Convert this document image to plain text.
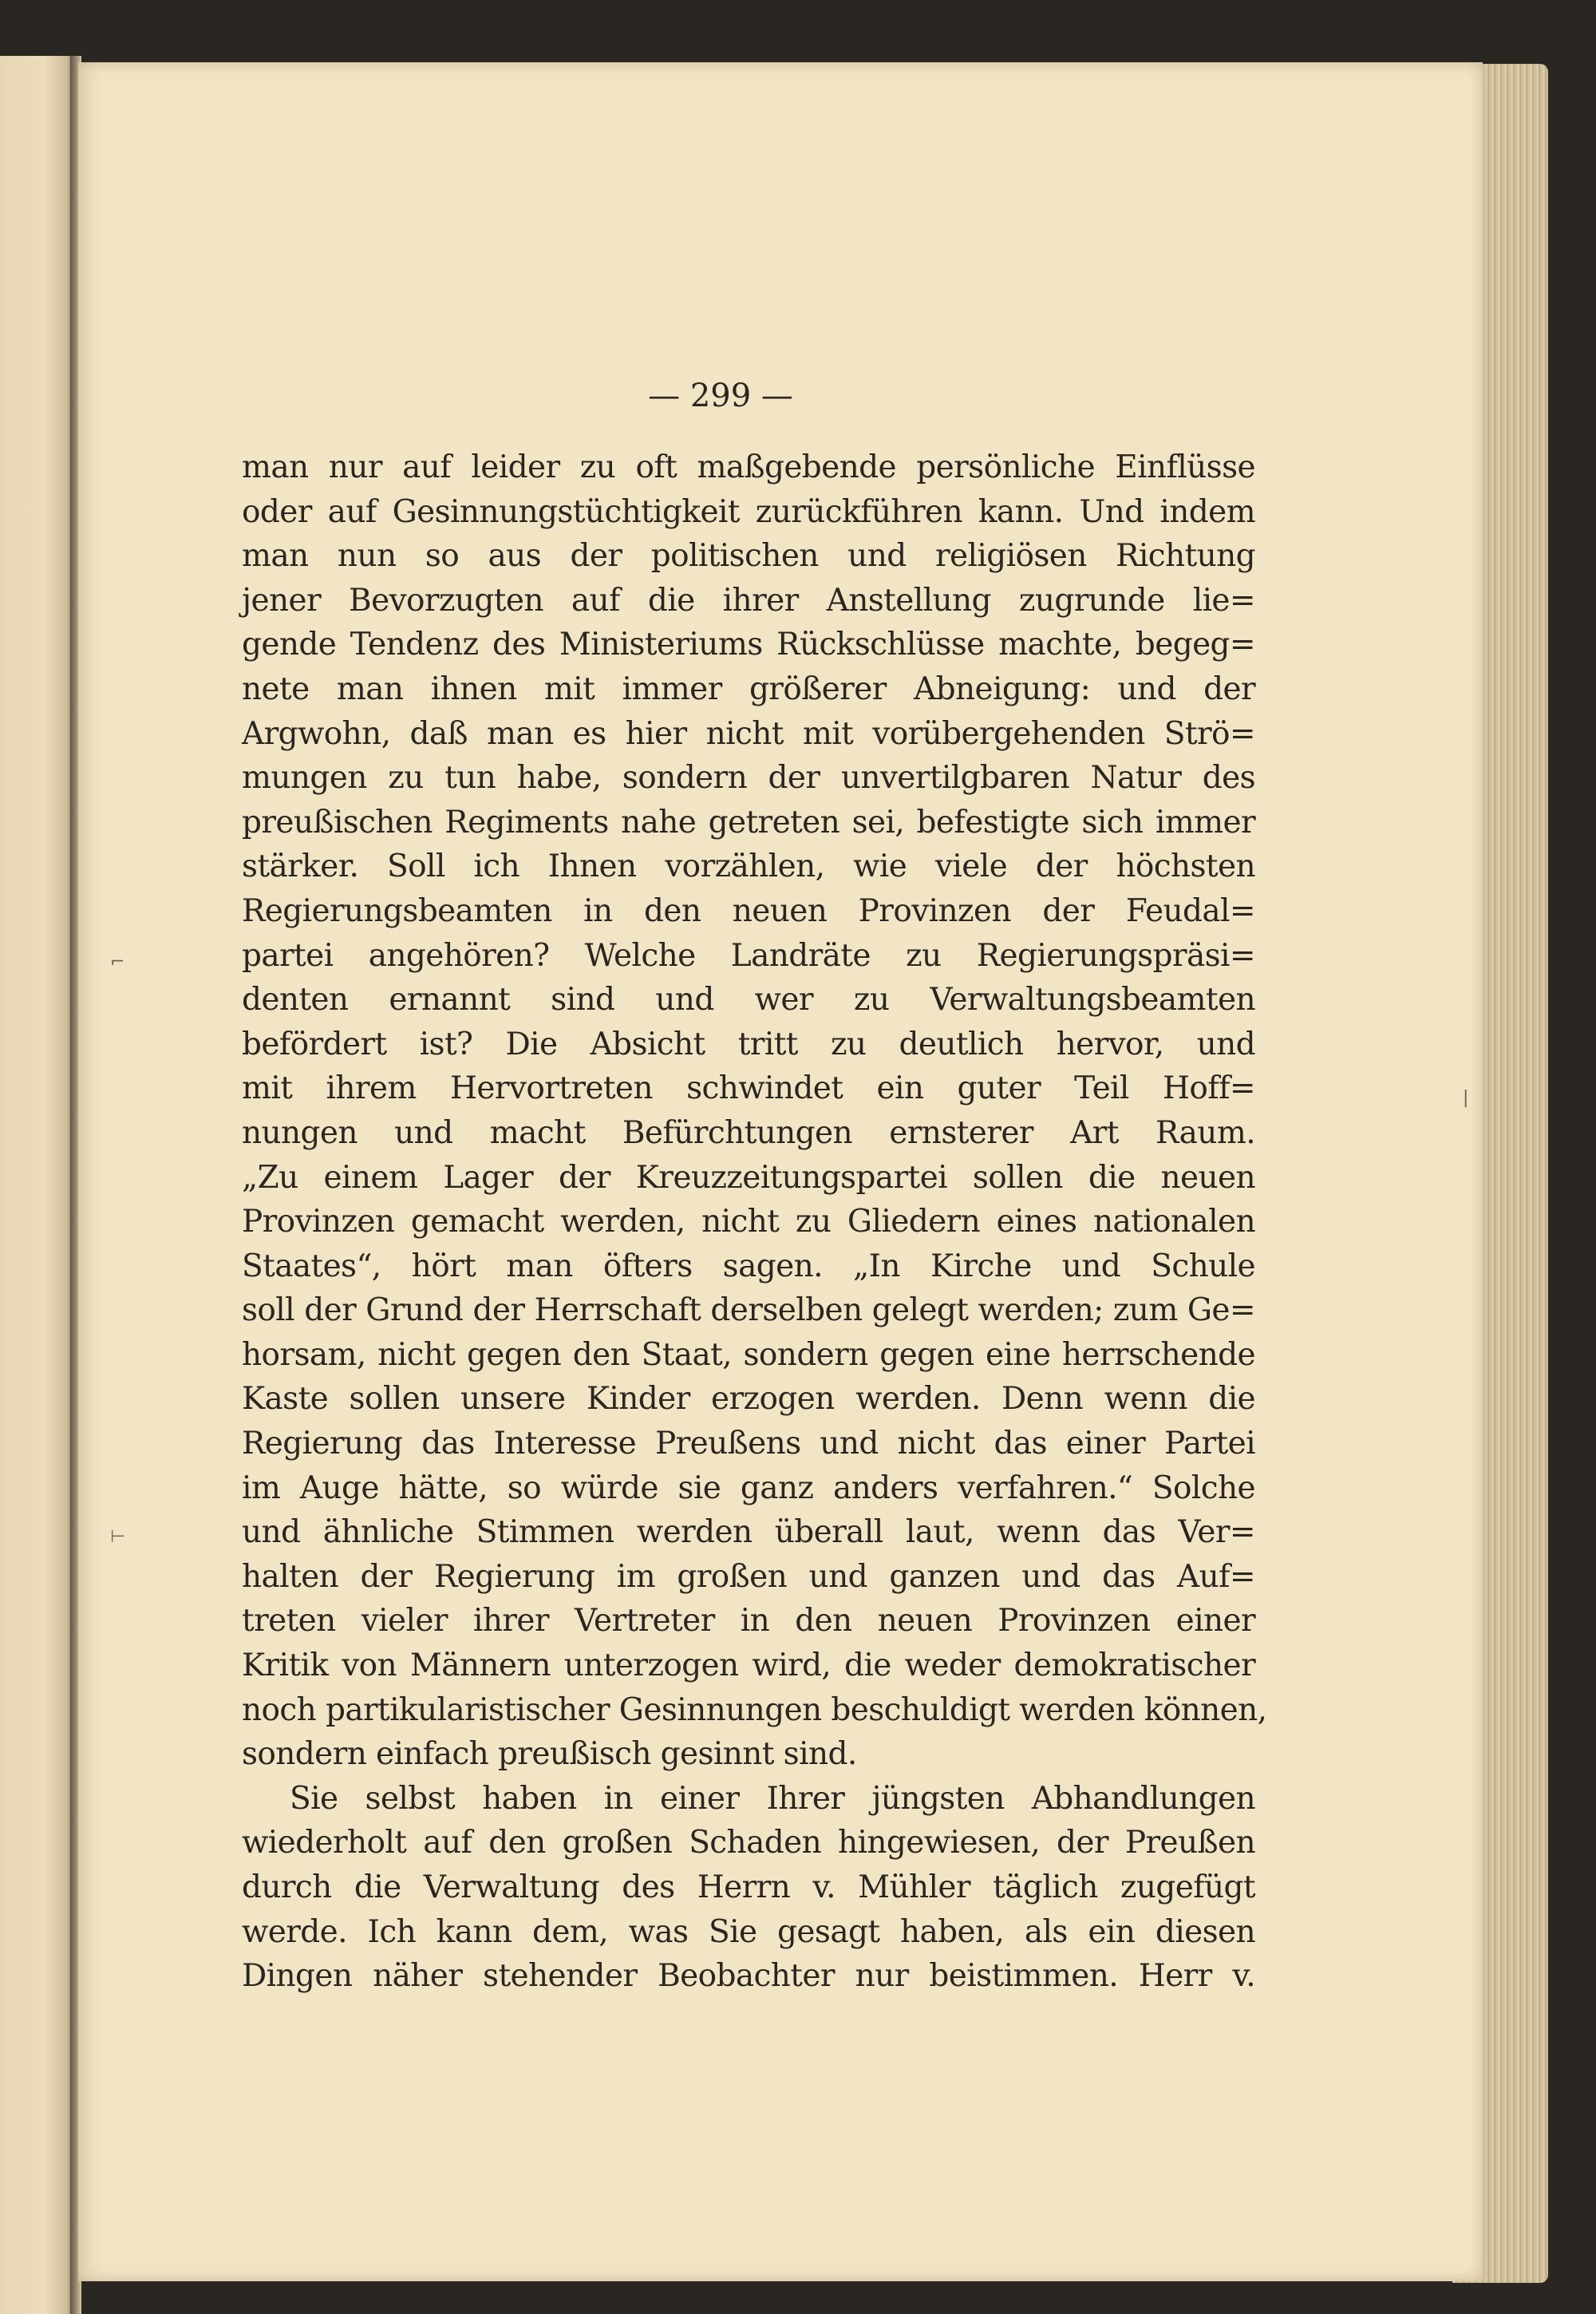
— 299 —
man nur auf leider zu oft maßgebende persönliche Einflüsse
oder auf Gesinnungstüchtigkeit zurückführen kann. Und indem
man nun so aus der politischen und religiösen Richtung
jener Bevorzugten auf die ihrer Anstellung zugrunde lie=
gende Tendenz des Ministeriums Rückschlüsse machte, begeg=
nete man ihnen mit immer größerer Abneigung: und der
Argwohn, daß man es hier nicht mit vorübergehenden Strö=
mungen zu tun habe, sondern der unvertilgbaren Natur des
preußischen Regiments nahe getreten sei, befestigte sich immer
stärker. Soll ich Ihnen vorzählen, wie viele der höchsten
Regierungsbeamten in den neuen Provinzen der Feudal=
partei angehören? Welche Landräte zu Regierungspräsi=
denten ernannt sind und wer zu Verwaltungsbeamten
befördert ist? Die Absicht tritt zu deutlich hervor, und
mit ihrem Hervortreten schwindet ein guter Teil Hoff=
nungen und macht Befürchtungen ernsterer Art Raum.
„Zu einem Lager der Kreuzzeitungspartei sollen die neuen
Provinzen gemacht werden, nicht zu Gliedern eines nationalen
Staates“, hört man öfters sagen. „In Kirche und Schule
soll der Grund der Herrschaft derselben gelegt werden; zum Ge=
horsam, nicht gegen den Staat, sondern gegen eine herrschende
Kaste sollen unsere Kinder erzogen werden. Denn wenn die
Regierung das Interesse Preußens und nicht das einer Partei
im Auge hätte, so würde sie ganz anders verfahren.“ Solche
und ähnliche Stimmen werden überall laut, wenn das Ver=
halten der Regierung im großen und ganzen und das Auf=
treten vieler ihrer Vertreter in den neuen Provinzen einer
Kritik von Männern unterzogen wird, die weder demokratischer
noch partikularistischer Gesinnungen beschuldigt werden können,
sondern einfach preußisch gesinnt sind.
Sie selbst haben in einer Ihrer jüngsten Abhandlungen
wiederholt auf den großen Schaden hingewiesen, der Preußen
durch die Verwaltung des Herrn v. Mühler täglich zugefügt
werde. Ich kann dem, was Sie gesagt haben, als ein diesen
Dingen näher stehender Beobachter nur beistimmen. Herr v.
⌐
⊢
|
